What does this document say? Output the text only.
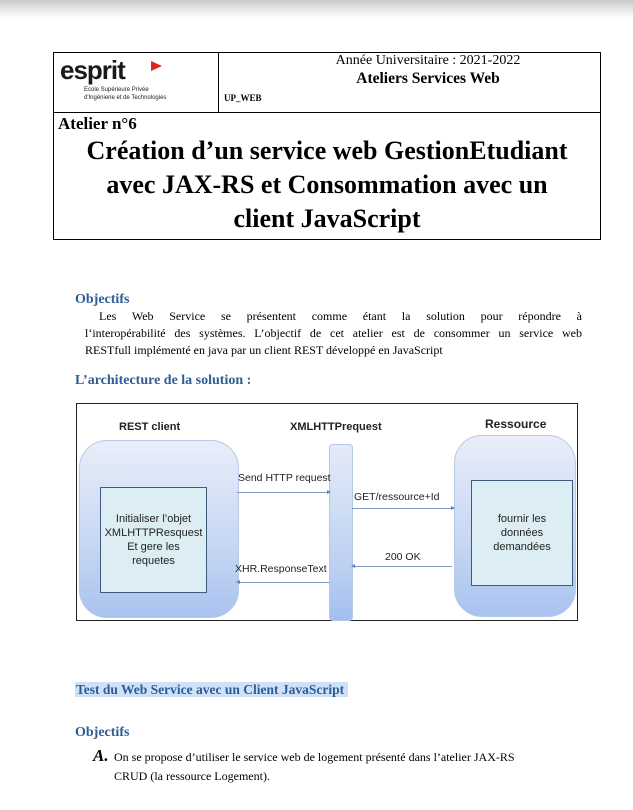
esprit
Ecole Supérieure Privée
d'Ingénierie et de Technologies	UP_WEB
Année Universitaire : 2021-2022
Ateliers Services Web
Atelier n°6
Création d’un service web GestionEtudiant
avec JAX-RS et Consommation avec un
client JavaScript
Objectifs
Les Web Service se présentent comme étant la solution pour répondre à
l‘interopérabilité des systèmes. L’objectif de cet atelier est de consommer un service web
RESTfull implémenté en java par un client REST développé en JavaScript
L’architecture de la solution :
REST client	XMLHTTPrequest	Ressource
Initialiser l’objet
XMLHTTPResquest
Et gere les
requetes
fournir les
données
demandées
Send HTTP request
GET/ressource+Id
200 OK
XHR.ResponseText
Test du Web Service avec un Client JavaScript
Objectifs
A. On se propose d’utiliser le service web de logement présenté dans l’atelier JAX-RS
CRUD (la ressource Logement).
